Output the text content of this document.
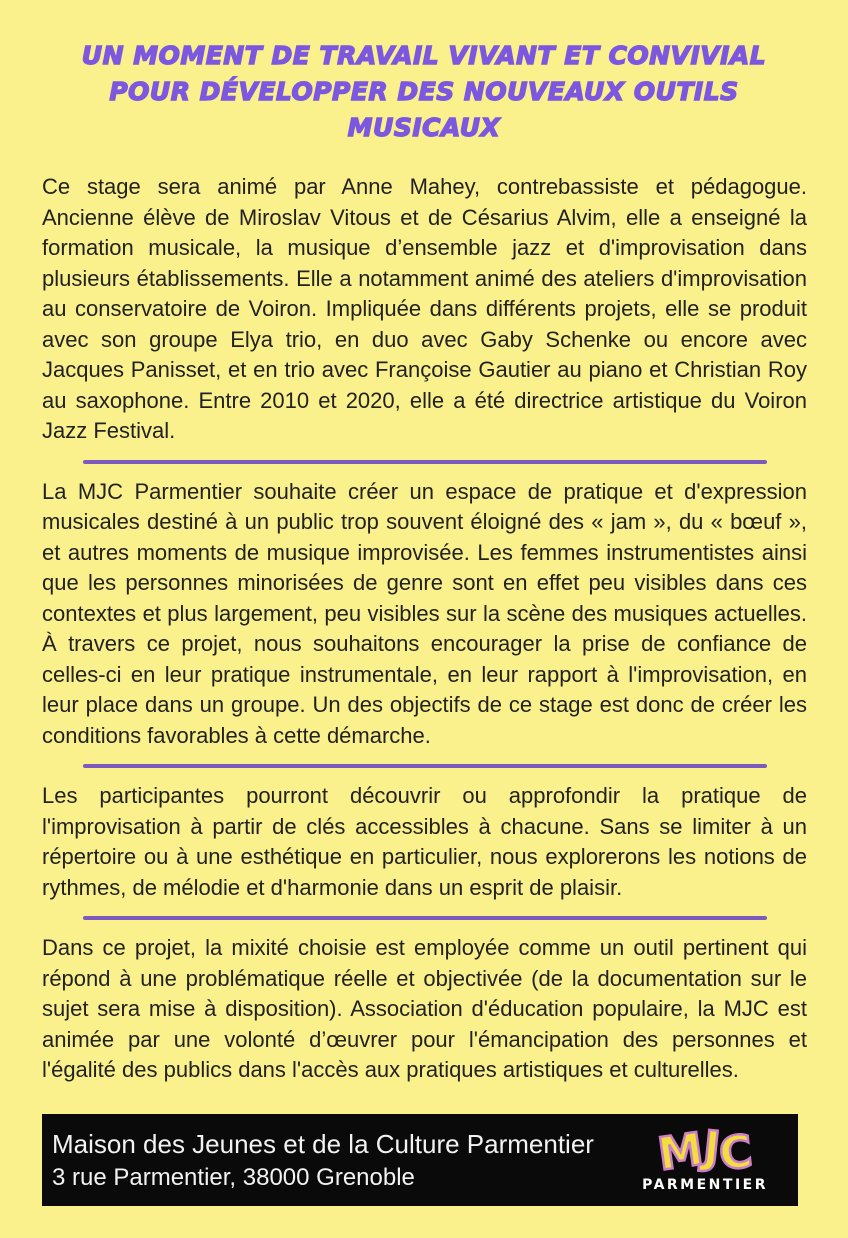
UN MOMENT DE TRAVAIL VIVANT ET CONVIVIAL
POUR DÉVELOPPER DES NOUVEAUX OUTILS
MUSICAUX

Ce stage sera animé par Anne Mahey, contrebassiste et pédagogue. Ancienne élève de Miroslav Vitous et de Césarius Alvim, elle a enseigné la formation musicale, la musique d’ensemble jazz et d'improvisation dans plusieurs établissements. Elle a notamment animé des ateliers d'improvisation au conservatoire de Voiron. Impliquée dans différents projets, elle se produit avec son groupe Elya trio, en duo avec Gaby Schenke ou encore avec Jacques Panisset, et en trio avec Françoise Gautier au piano et Christian Roy au saxophone. Entre 2010 et 2020, elle a été directrice artistique du Voiron Jazz Festival.

La MJC Parmentier souhaite créer un espace de pratique et d'expression musicales destiné à un public trop souvent éloigné des « jam », du « bœuf », et autres moments de musique improvisée. Les femmes instrumentistes ainsi que les personnes minorisées de genre sont en effet peu visibles dans ces contextes et plus largement, peu visibles sur la scène des musiques actuelles. À travers ce projet, nous souhaitons encourager la prise de confiance de celles-ci en leur pratique instrumentale, en leur rapport à l'improvisation, en leur place dans un groupe. Un des objectifs de ce stage est donc de créer les conditions favorables à cette démarche.

Les participantes pourront découvrir ou approfondir la pratique de l'improvisation à partir de clés accessibles à chacune. Sans se limiter à un répertoire ou à une esthétique en particulier, nous explorerons les notions de rythmes, de mélodie et d'harmonie dans un esprit de plaisir.

Dans ce projet, la mixité choisie est employée comme un outil pertinent qui répond à une problématique réelle et objectivée (de la documentation sur le sujet sera mise à disposition). Association d'éducation populaire, la MJC est animée par une volonté d’œuvrer pour l'émancipation des personnes et l'égalité des publics dans l'accès aux pratiques artistiques et culturelles.

Maison des Jeunes et de la Culture Parmentier
3 rue Parmentier, 38000 Grenoble	MJC
PARMENTIER
